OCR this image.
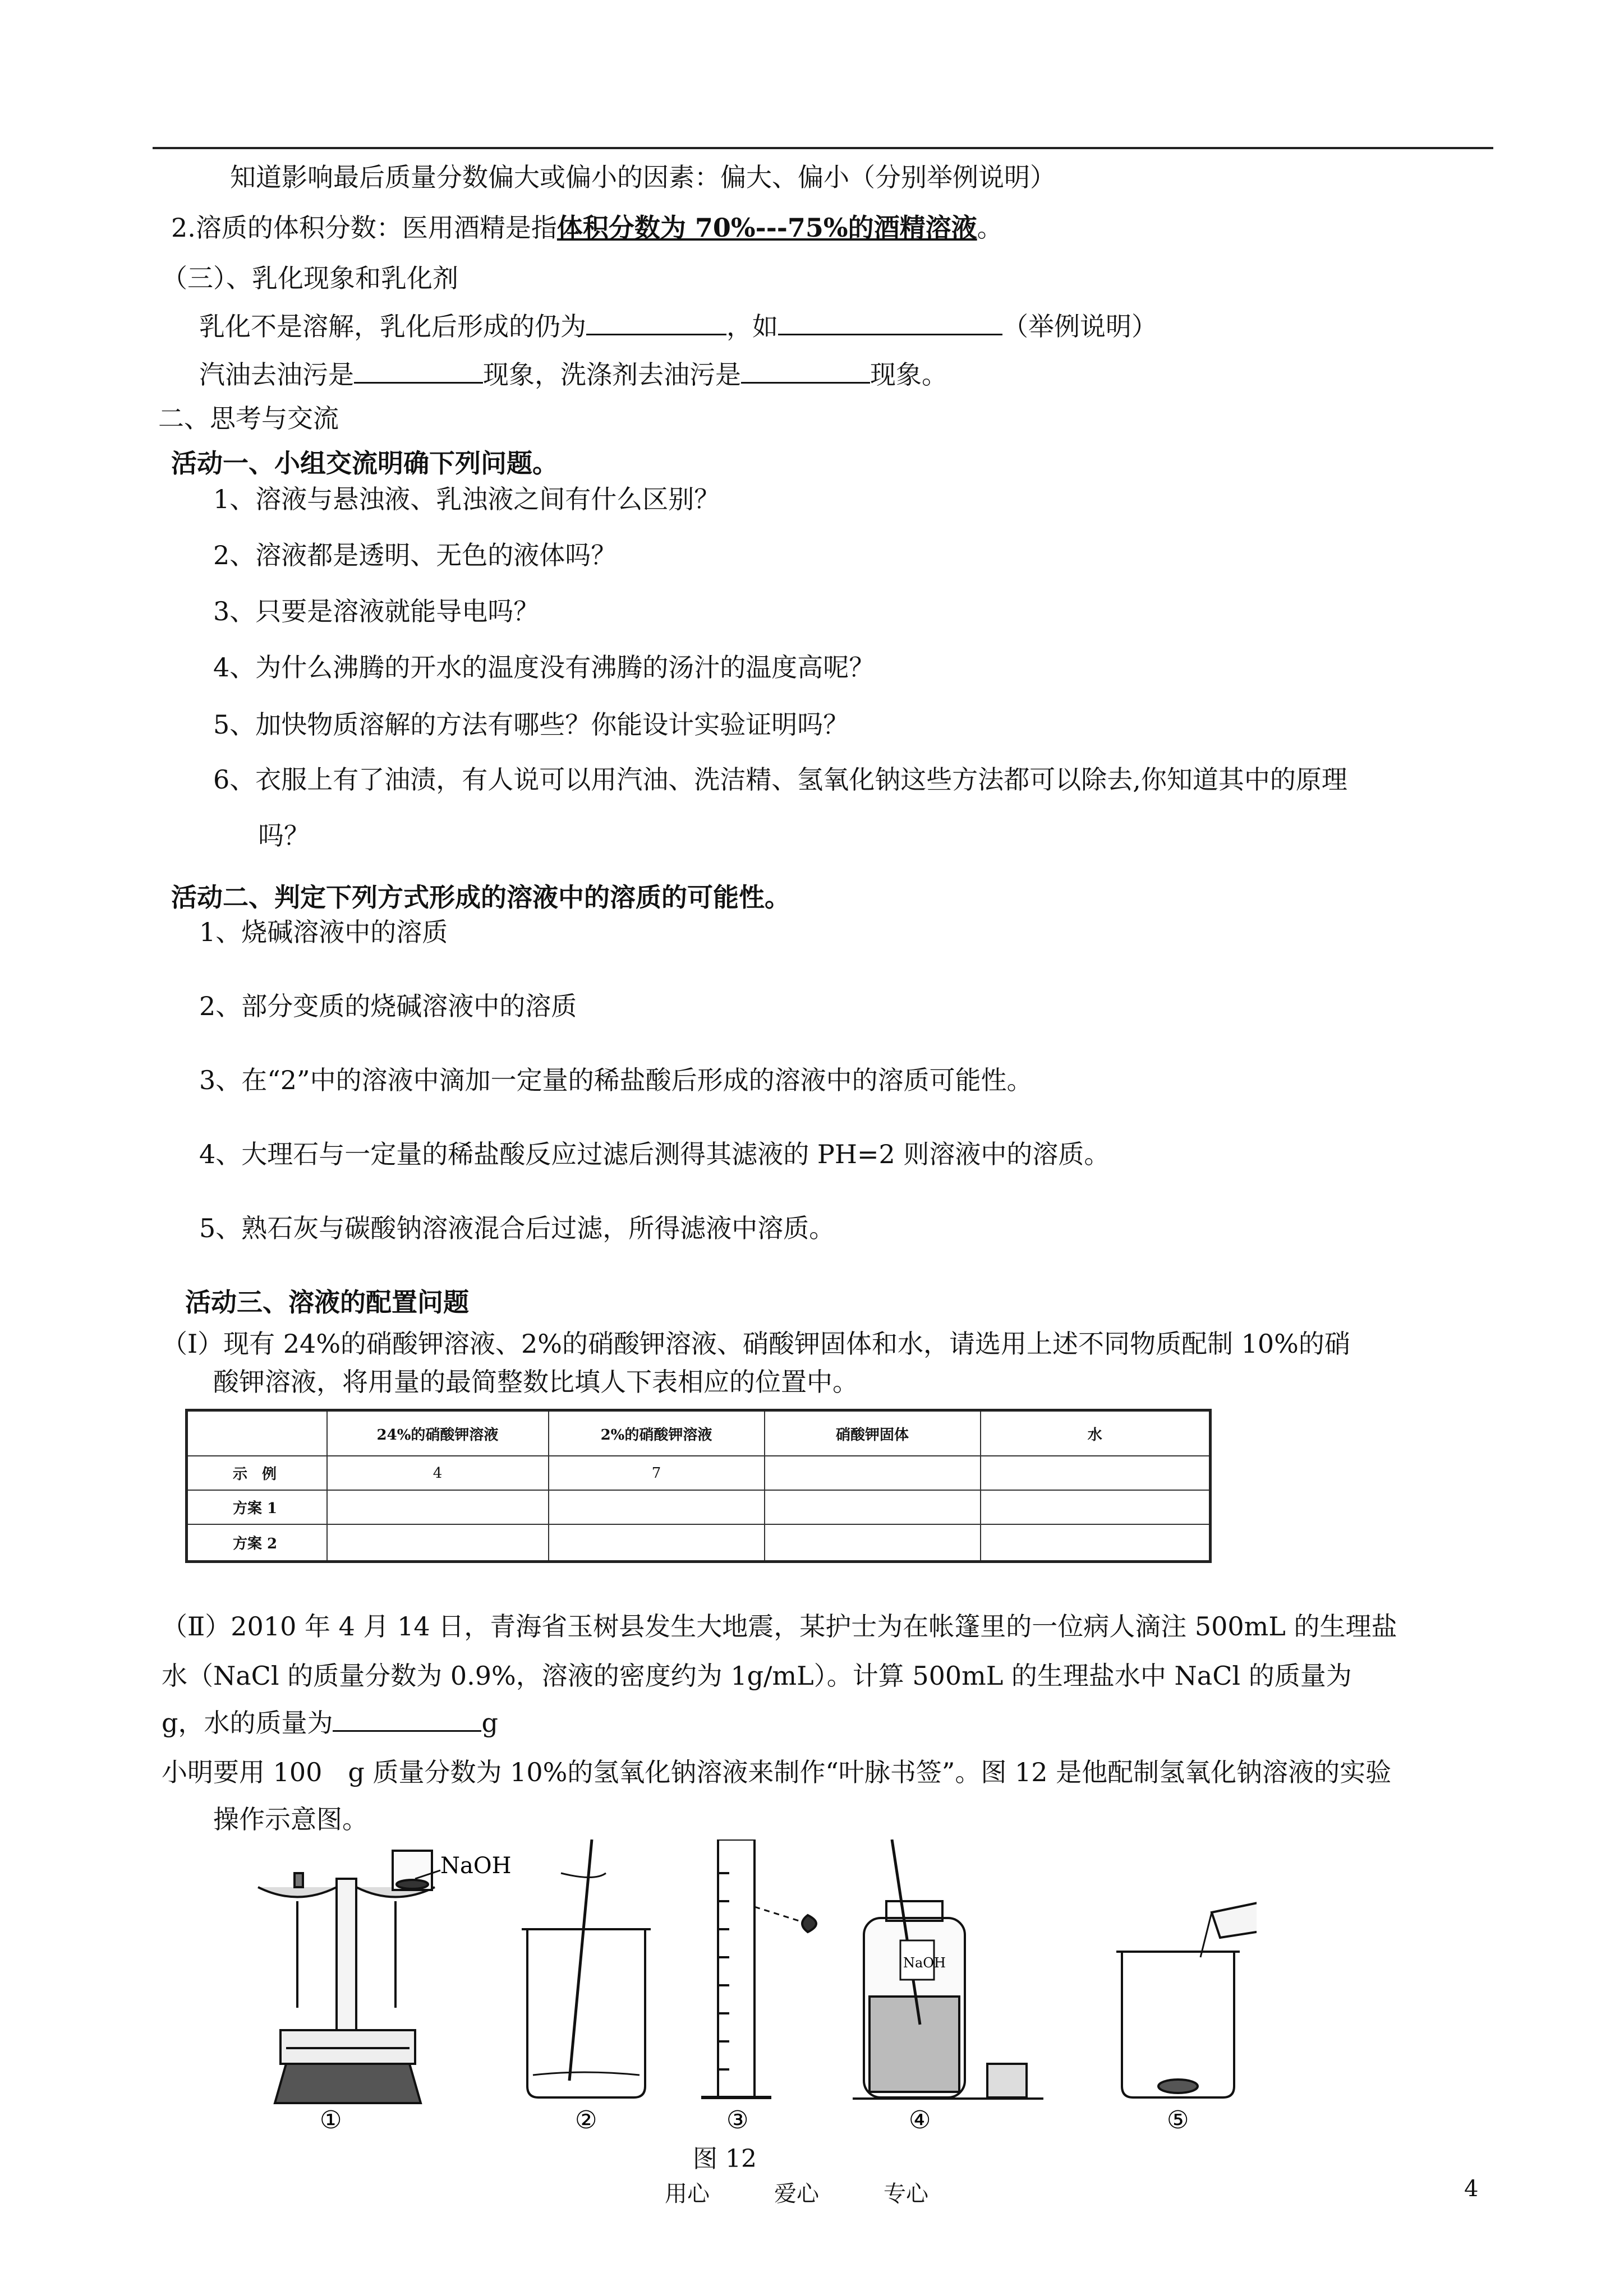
知道影响最后质量分数偏大或偏小的因素：偏大、偏小（分别举例说明）
2.溶质的体积分数：医用酒精是指体积分数为 70%---75%的酒精溶液。
（三）、乳化现象和乳化剂
乳化不是溶解，乳化后形成的仍为	，如	（举例说明）
汽油去油污是	现象，洗涤剂去油污是	现象。
二、思考与交流
活动一、小组交流明确下列问题。
1、溶液与悬浊液、乳浊液之间有什么区别？
2、溶液都是透明、无色的液体吗？
3、只要是溶液就能导电吗？
4、为什么沸腾的开水的温度没有沸腾的汤汁的温度高呢？
5、加快物质溶解的方法有哪些？你能设计实验证明吗？
6、衣服上有了油渍，有人说可以用汽油、洗洁精、氢氧化钠这些方法都可以除去,你知道其中的原理
吗？
活动二、判定下列方式形成的溶液中的溶质的可能性。
1、烧碱溶液中的溶质
2、部分变质的烧碱溶液中的溶质
3、在“2”中的溶液中滴加一定量的稀盐酸后形成的溶液中的溶质可能性。
4、大理石与一定量的稀盐酸反应过滤后测得其滤液的 PH=2 则溶液中的溶质。
5、熟石灰与碳酸钠溶液混合后过滤，所得滤液中溶质。
活动三、溶液的配置问题
（Ⅰ）现有 24%的硝酸钾溶液、2%的硝酸钾溶液、硝酸钾固体和水，请选用上述不同物质配制 10%的硝
酸钾溶液，将用量的最简整数比填人下表相应的位置中。
	24%的硝酸钾溶液	2%的硝酸钾溶液	硝酸钾固体	水
示　例	4	7		
方案 1				
方案 2				
（Ⅱ）2010 年 4 月 14 日，青海省玉树县发生大地震，某护士为在帐篷里的一位病人滴注 500mL 的生理盐
水（NaCl 的质量分数为 0.9%，溶液的密度约为 1g/mL）。计算 500mL 的生理盐水中 NaCl 的质量为
g，水的质量为	g
小明要用 100　g 质量分数为 10%的氢氧化钠溶液来制作“叶脉书签”。图 12 是他配制氢氧化钠溶液的实验
操作示意图。
NaOH
NaOH
①	②	③	④	⑤
图 12
用心	爱心	专心	4
